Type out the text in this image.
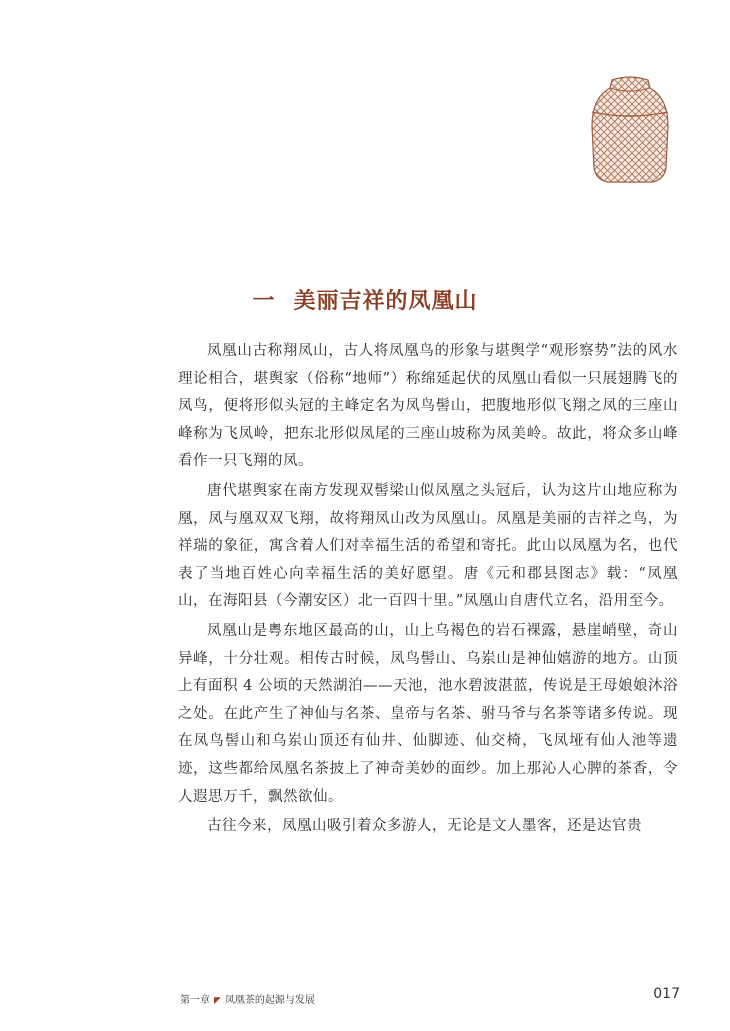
一 美丽吉祥的凤凰山

凤凰山古称翔凤山，古人将凤凰鸟的形象与堪舆学“观形察势”法的风水理论相合，堪舆家（俗称“地师”）称绵延起伏的凤凰山看似一只展翅腾飞的凤鸟，便将形似头冠的主峰定名为凤鸟髻山，把腹地形似飞翔之凤的三座山峰称为飞凤岭，把东北形似凤尾的三座山坡称为凤美岭。故此，将众多山峰看作一只飞翔的凤。

唐代堪舆家在南方发现双髻梁山似凤凰之头冠后，认为这片山地应称为凰，凤与凰双双飞翔，故将翔凤山改为凤凰山。凤凰是美丽的吉祥之鸟，为祥瑞的象征，寓含着人们对幸福生活的希望和寄托。此山以凤凰为名，也代表了当地百姓心向幸福生活的美好愿望。唐《元和郡县图志》载：“凤凰山，在海阳县（今潮安区）北一百四十里。”凤凰山自唐代立名，沿用至今。

凤凰山是粤东地区最高的山，山上乌褐色的岩石裸露，悬崖峭壁，奇山异峰，十分壮观。相传古时候，凤鸟髻山、乌岽山是神仙嬉游的地方。山顶上有面积 4 公顷的天然湖泊——天池，池水碧波湛蓝，传说是王母娘娘沐浴之处。在此产生了神仙与名茶、皇帝与名茶、驸马爷与名茶等诸多传说。现在凤鸟髻山和乌岽山顶还有仙井、仙脚迹、仙交椅，飞凤垭有仙人池等遗迹，这些都给凤凰名茶披上了神奇美妙的面纱。加上那沁人心脾的茶香，令人遐思万千，飘然欲仙。

古往今来，凤凰山吸引着众多游人，无论是文人墨客，还是达官贵

第一章 ◤ 凤凰茶的起源与发展	017
